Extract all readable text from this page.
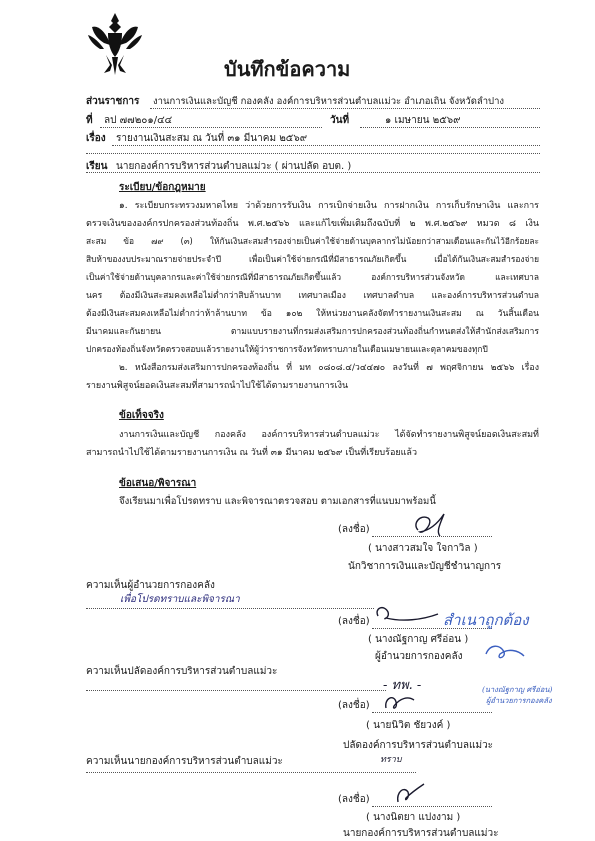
บันทึกข้อความ
ส่วนราชการ งานการเงินและบัญชี กองคลัง องค์การบริหารส่วนตำบลแม่วะ อำเภอเถิน จังหวัดลำปาง
ที่ ลป ๗๗๒๐๑/๔๔	วันที่	๑ เมษายน ๒๕๖๙
เรื่อง รายงานเงินสะสม ณ วันที่ ๓๑ มีนาคม ๒๕๖๙
เรียน นายกองค์การบริหารส่วนตำบลแม่วะ ( ผ่านปลัด อบต. )
ระเบียบ/ข้อกฎหมาย
๑. ระเบียบกระทรวงมหาดไทย ว่าด้วยการรับเงิน การเบิกจ่ายเงิน การฝากเงิน การเก็บรักษาเงิน และการ
ตรวจเงินขององค์กรปกครองส่วนท้องถิ่น พ.ศ.๒๕๖๖ และแก้ไขเพิ่มเติมถึงฉบับที่ ๒ พ.ศ.๒๕๖๙ หมวด ๘ เงิน
สะสม ข้อ ๗๙ (๓) ให้กันเงินสะสมสำรองจ่ายเป็นค่าใช้จ่ายด้านบุคลากรไม่น้อยกว่าสามเดือนและกันไว้อีกร้อยละ
สิบห้าของงบประมาณรายจ่ายประจำปี เพื่อเป็นค่าใช้จ่ายกรณีที่มีสาธารณภัยเกิดขึ้น เมื่อได้กันเงินสะสมสำรองจ่าย
เป็นค่าใช้จ่ายด้านบุคลากรและค่าใช้จ่ายกรณีที่มีสาธารณภัยเกิดขึ้นแล้ว องค์การบริหารส่วนจังหวัด และเทศบาล
นคร ต้องมีเงินสะสมคงเหลือไม่ต่ำกว่าสิบล้านบาท เทศบาลเมือง เทศบาลตำบล และองค์การบริหารส่วนตำบล
ต้องมีเงินสะสมคงเหลือไม่ต่ำกว่าห้าล้านบาท ข้อ ๑๐๒ ให้หน่วยงานคลังจัดทำรายงานเงินสะสม ณ วันสิ้นเดือน
มีนาคมและกันยายน ตามแบบรายงานที่กรมส่งเสริมการปกครองส่วนท้องถิ่นกำหนดส่งให้สำนักส่งเสริมการ
ปกครองท้องถิ่นจังหวัดตรวจสอบแล้วรายงานให้ผู้ว่าราชการจังหวัดทราบภายในเดือนเมษายนและตุลาคมของทุกปี
๒. หนังสือกรมส่งเสริมการปกครองท้องถิ่น ที่ มท ๐๘๐๘.๔/ว๔๔๗๐ ลงวันที่ ๗ พฤศจิกายน ๒๕๖๖ เรื่อง
รายงานพิสูจน์ยอดเงินสะสมที่สามารถนำไปใช้ได้ตามรายงานการเงิน
ข้อเท็จจริง
งานการเงินและบัญชี กองคลัง องค์การบริหารส่วนตำบลแม่วะ ได้จัดทำรายงานพิสูจน์ยอดเงินสะสมที่
สามารถนำไปใช้ได้ตามรายงานการเงิน ณ วันที่ ๓๑ มีนาคม ๒๕๖๙ เป็นที่เรียบร้อยแล้ว
ข้อเสนอ/พิจารณา
จึงเรียนมาเพื่อโปรดทราบ และพิจารณาตรวจสอบ ตามเอกสารที่แนบมาพร้อมนี้
(ลงชื่อ)
( นางสาวสมใจ ใจกาวิล )
นักวิชาการเงินและบัญชีชำนาญการ
ความเห็นผู้อำนวยการกองคลัง
เพื่อโปรดทราบและพิจารณา
(ลงชื่อ)
( นางณัฐกาญ ศรีอ่อน )
ผู้อำนวยการกองคลัง
สำเนาถูกต้อง
(นางณัฐกาญ ศรีอ่อน)
ผู้อำนวยการกองคลัง
ความเห็นปลัดองค์การบริหารส่วนตำบลแม่วะ
- ทพ. -
(ลงชื่อ)
( นายนิวิต ชัยวงค์ )
ปลัดองค์การบริหารส่วนตำบลแม่วะ
ความเห็นนายกองค์การบริหารส่วนตำบลแม่วะ	ทราบ
(ลงชื่อ)
( นางนิตยา แปงงาม )
นายกองค์การบริหารส่วนตำบลแม่วะ
